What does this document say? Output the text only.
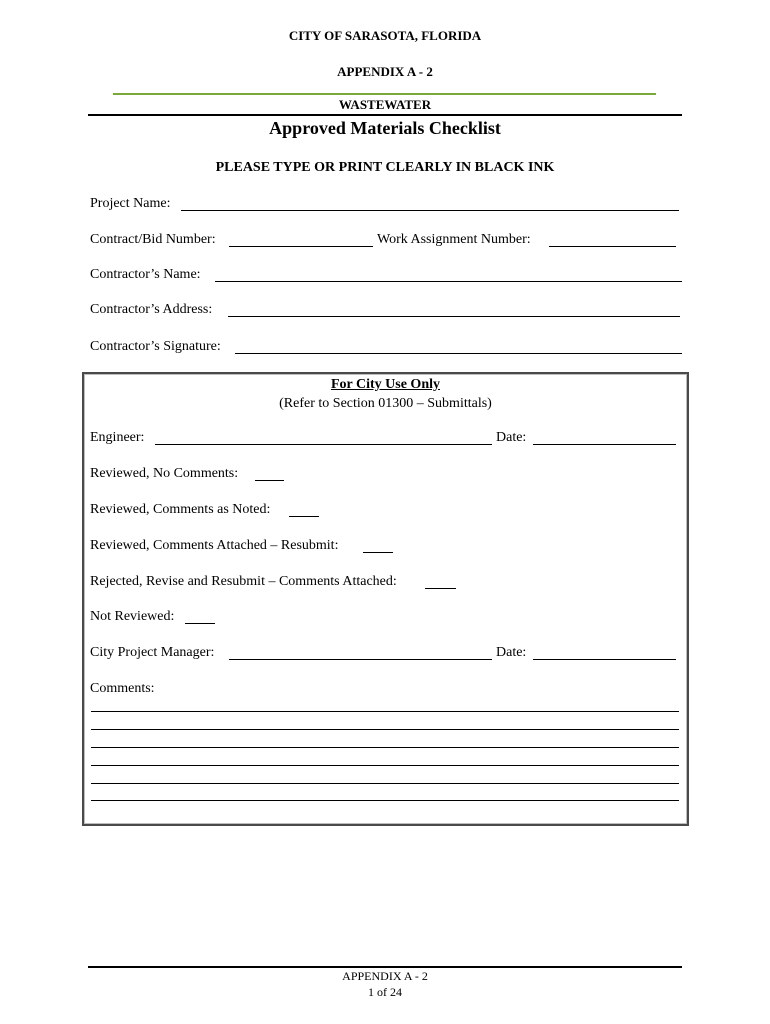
CITY OF SARASOTA, FLORIDA
APPENDIX A - 2
WASTEWATER
Approved Materials Checklist
PLEASE TYPE OR PRINT CLEARLY IN BLACK INK
Project Name:
Contract/Bid Number:	Work Assignment Number:
Contractor’s Name:
Contractor’s Address:
Contractor’s Signature:
For City Use Only
(Refer to Section 01300 – Submittals)
Engineer:	Date:
Reviewed, No Comments:
Reviewed, Comments as Noted:
Reviewed, Comments Attached – Resubmit:
Rejected, Revise and Resubmit – Comments Attached:
Not Reviewed:
City Project Manager:	Date:
Comments:
APPENDIX A - 2
1 of 24
